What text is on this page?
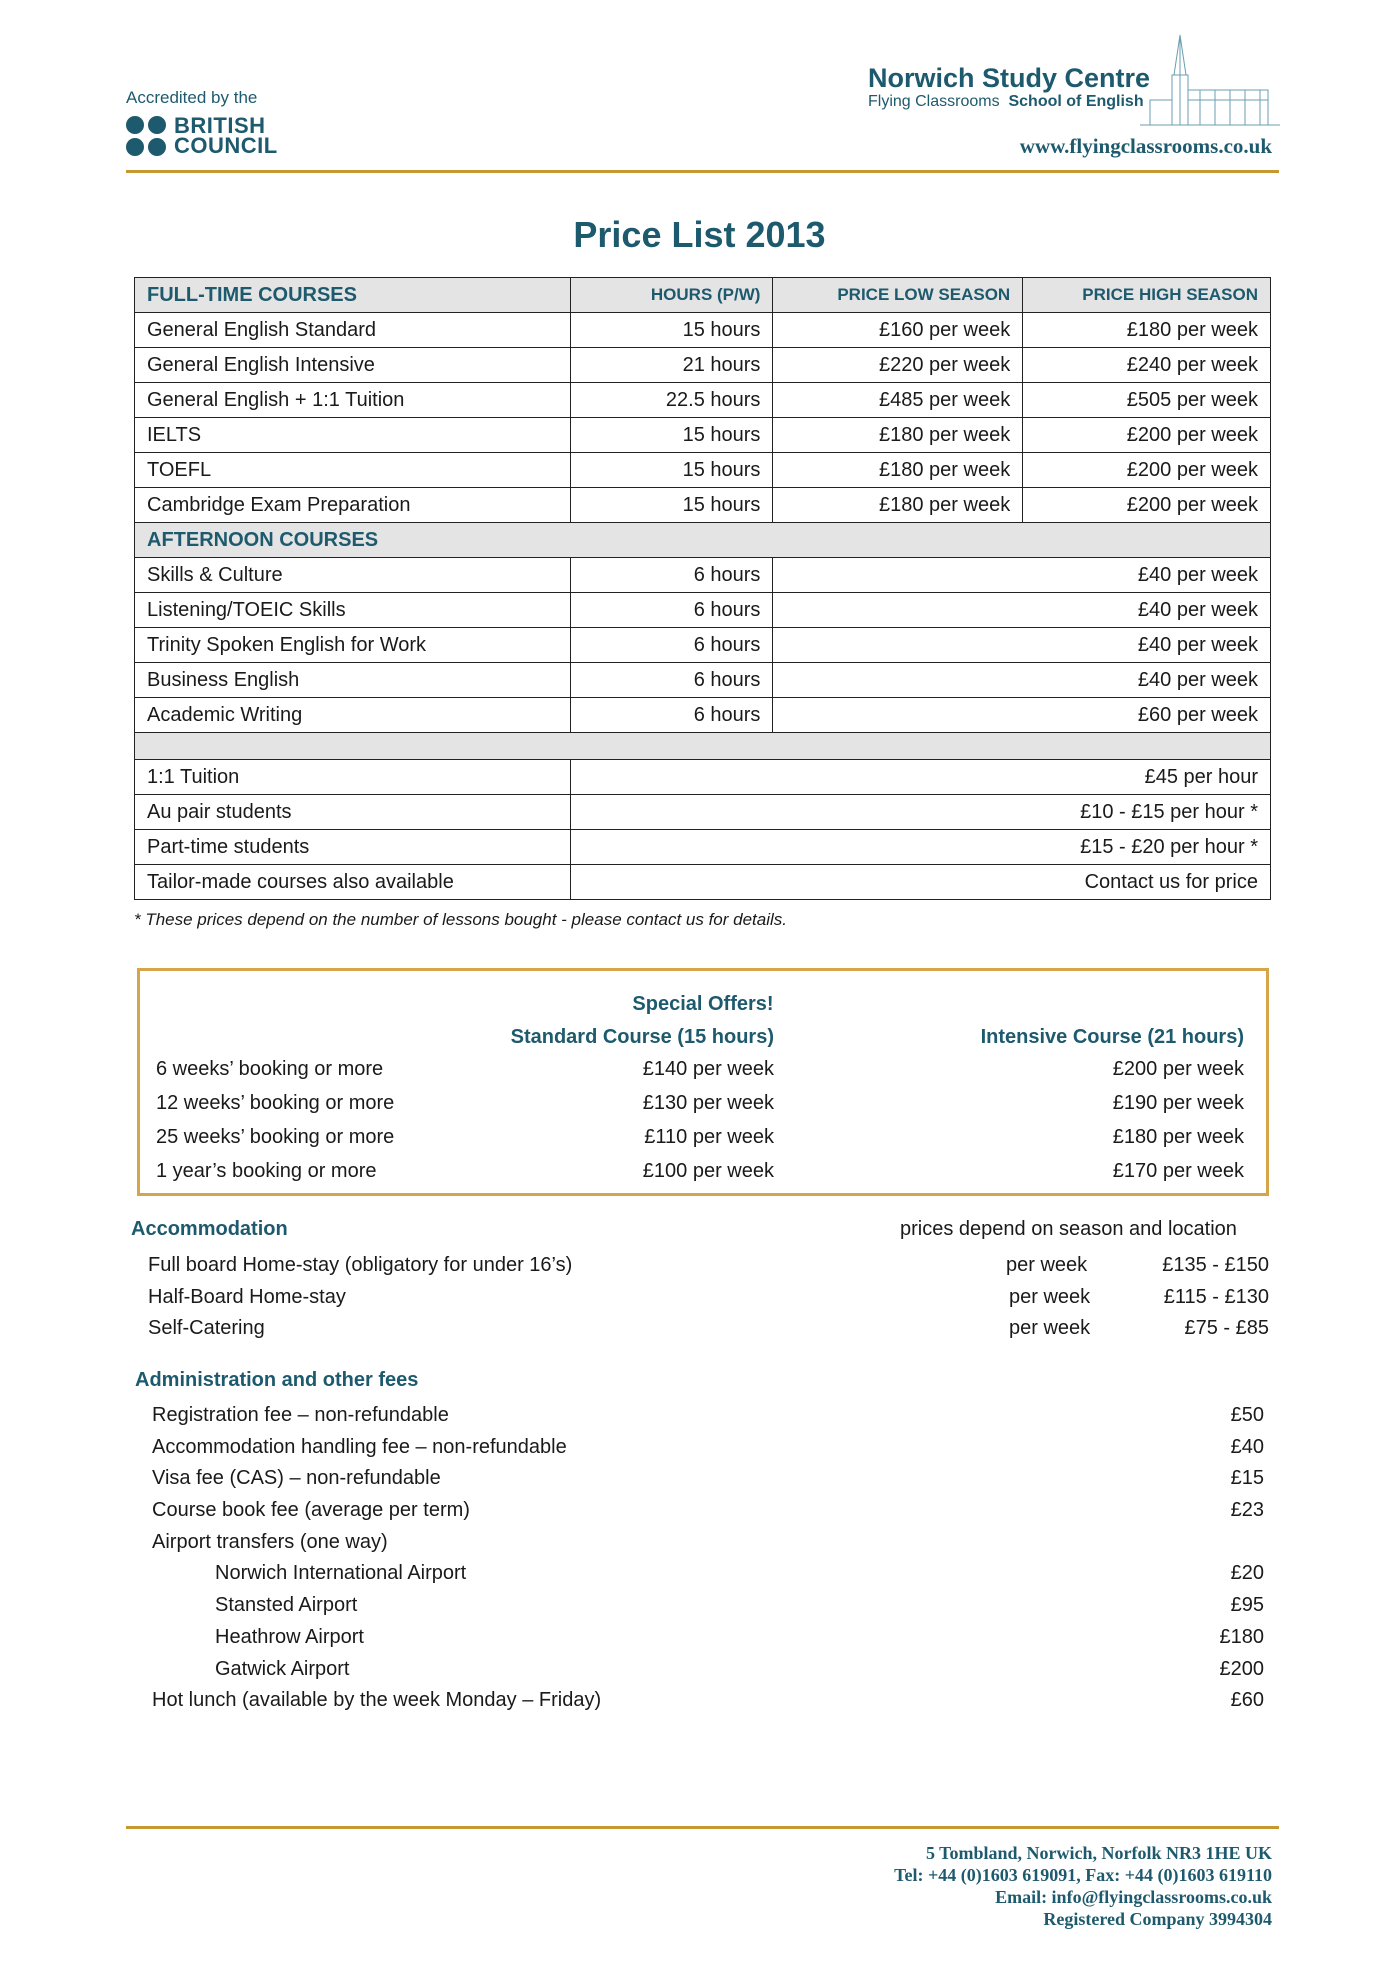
Accredited by the
BRITISH
COUNCIL
Norwich Study Centre
Flying Classrooms School of English
www.flyingclassrooms.co.uk
Price List 2013
FULL-TIME COURSES	HOURS (P/W)	PRICE LOW SEASON	PRICE HIGH SEASON
General English Standard	15 hours	£160 per week	£180 per week
General English Intensive	21 hours	£220 per week	£240 per week
General English + 1:1 Tuition	22.5 hours	£485 per week	£505 per week
IELTS	15 hours	£180 per week	£200 per week
TOEFL	15 hours	£180 per week	£200 per week
Cambridge Exam Preparation	15 hours	£180 per week	£200 per week
AFTERNOON COURSES			
Skills & Culture	6 hours	£40 per week	
Listening/TOEIC Skills	6 hours	£40 per week	
Trinity Spoken English for Work	6 hours	£40 per week	
Business English	6 hours	£40 per week	
Academic Writing	6 hours	£60 per week	

1:1 Tuition	£45 per hour		
Au pair students	£10 - £15 per hour *		
Part-time students	£15 - £20 per hour *		
Tailor-made courses also available	Contact us for price		
* These prices depend on the number of lessons bought - please contact us for details.
Special Offers!
Standard Course (15 hours)	Intensive Course (21 hours)
6 weeks’ booking or more	£140 per week	£200 per week
12 weeks’ booking or more	£130 per week	£190 per week
25 weeks’ booking or more	£110 per week	£180 per week
1 year’s booking or more	£100 per week	£170 per week
Accommodation	prices depend on season and location
Full board Home-stay (obligatory for under 16’s)	per week	£135 - £150
Half-Board Home-stay	per week	£115 - £130
Self-Catering	per week	£75 - £85
Administration and other fees
Registration fee – non-refundable	£50
Accommodation handling fee – non-refundable	£40
Visa fee (CAS) – non-refundable	£15
Course book fee (average per term)	£23
Airport transfers (one way)
Norwich International Airport	£20
Stansted Airport	£95
Heathrow Airport	£180
Gatwick Airport	£200
Hot lunch (available by the week Monday – Friday)	£60
5 Tombland, Norwich, Norfolk NR3 1HE UK
Tel: +44 (0)1603 619091, Fax: +44 (0)1603 619110
Email: info@flyingclassrooms.co.uk
Registered Company 3994304
